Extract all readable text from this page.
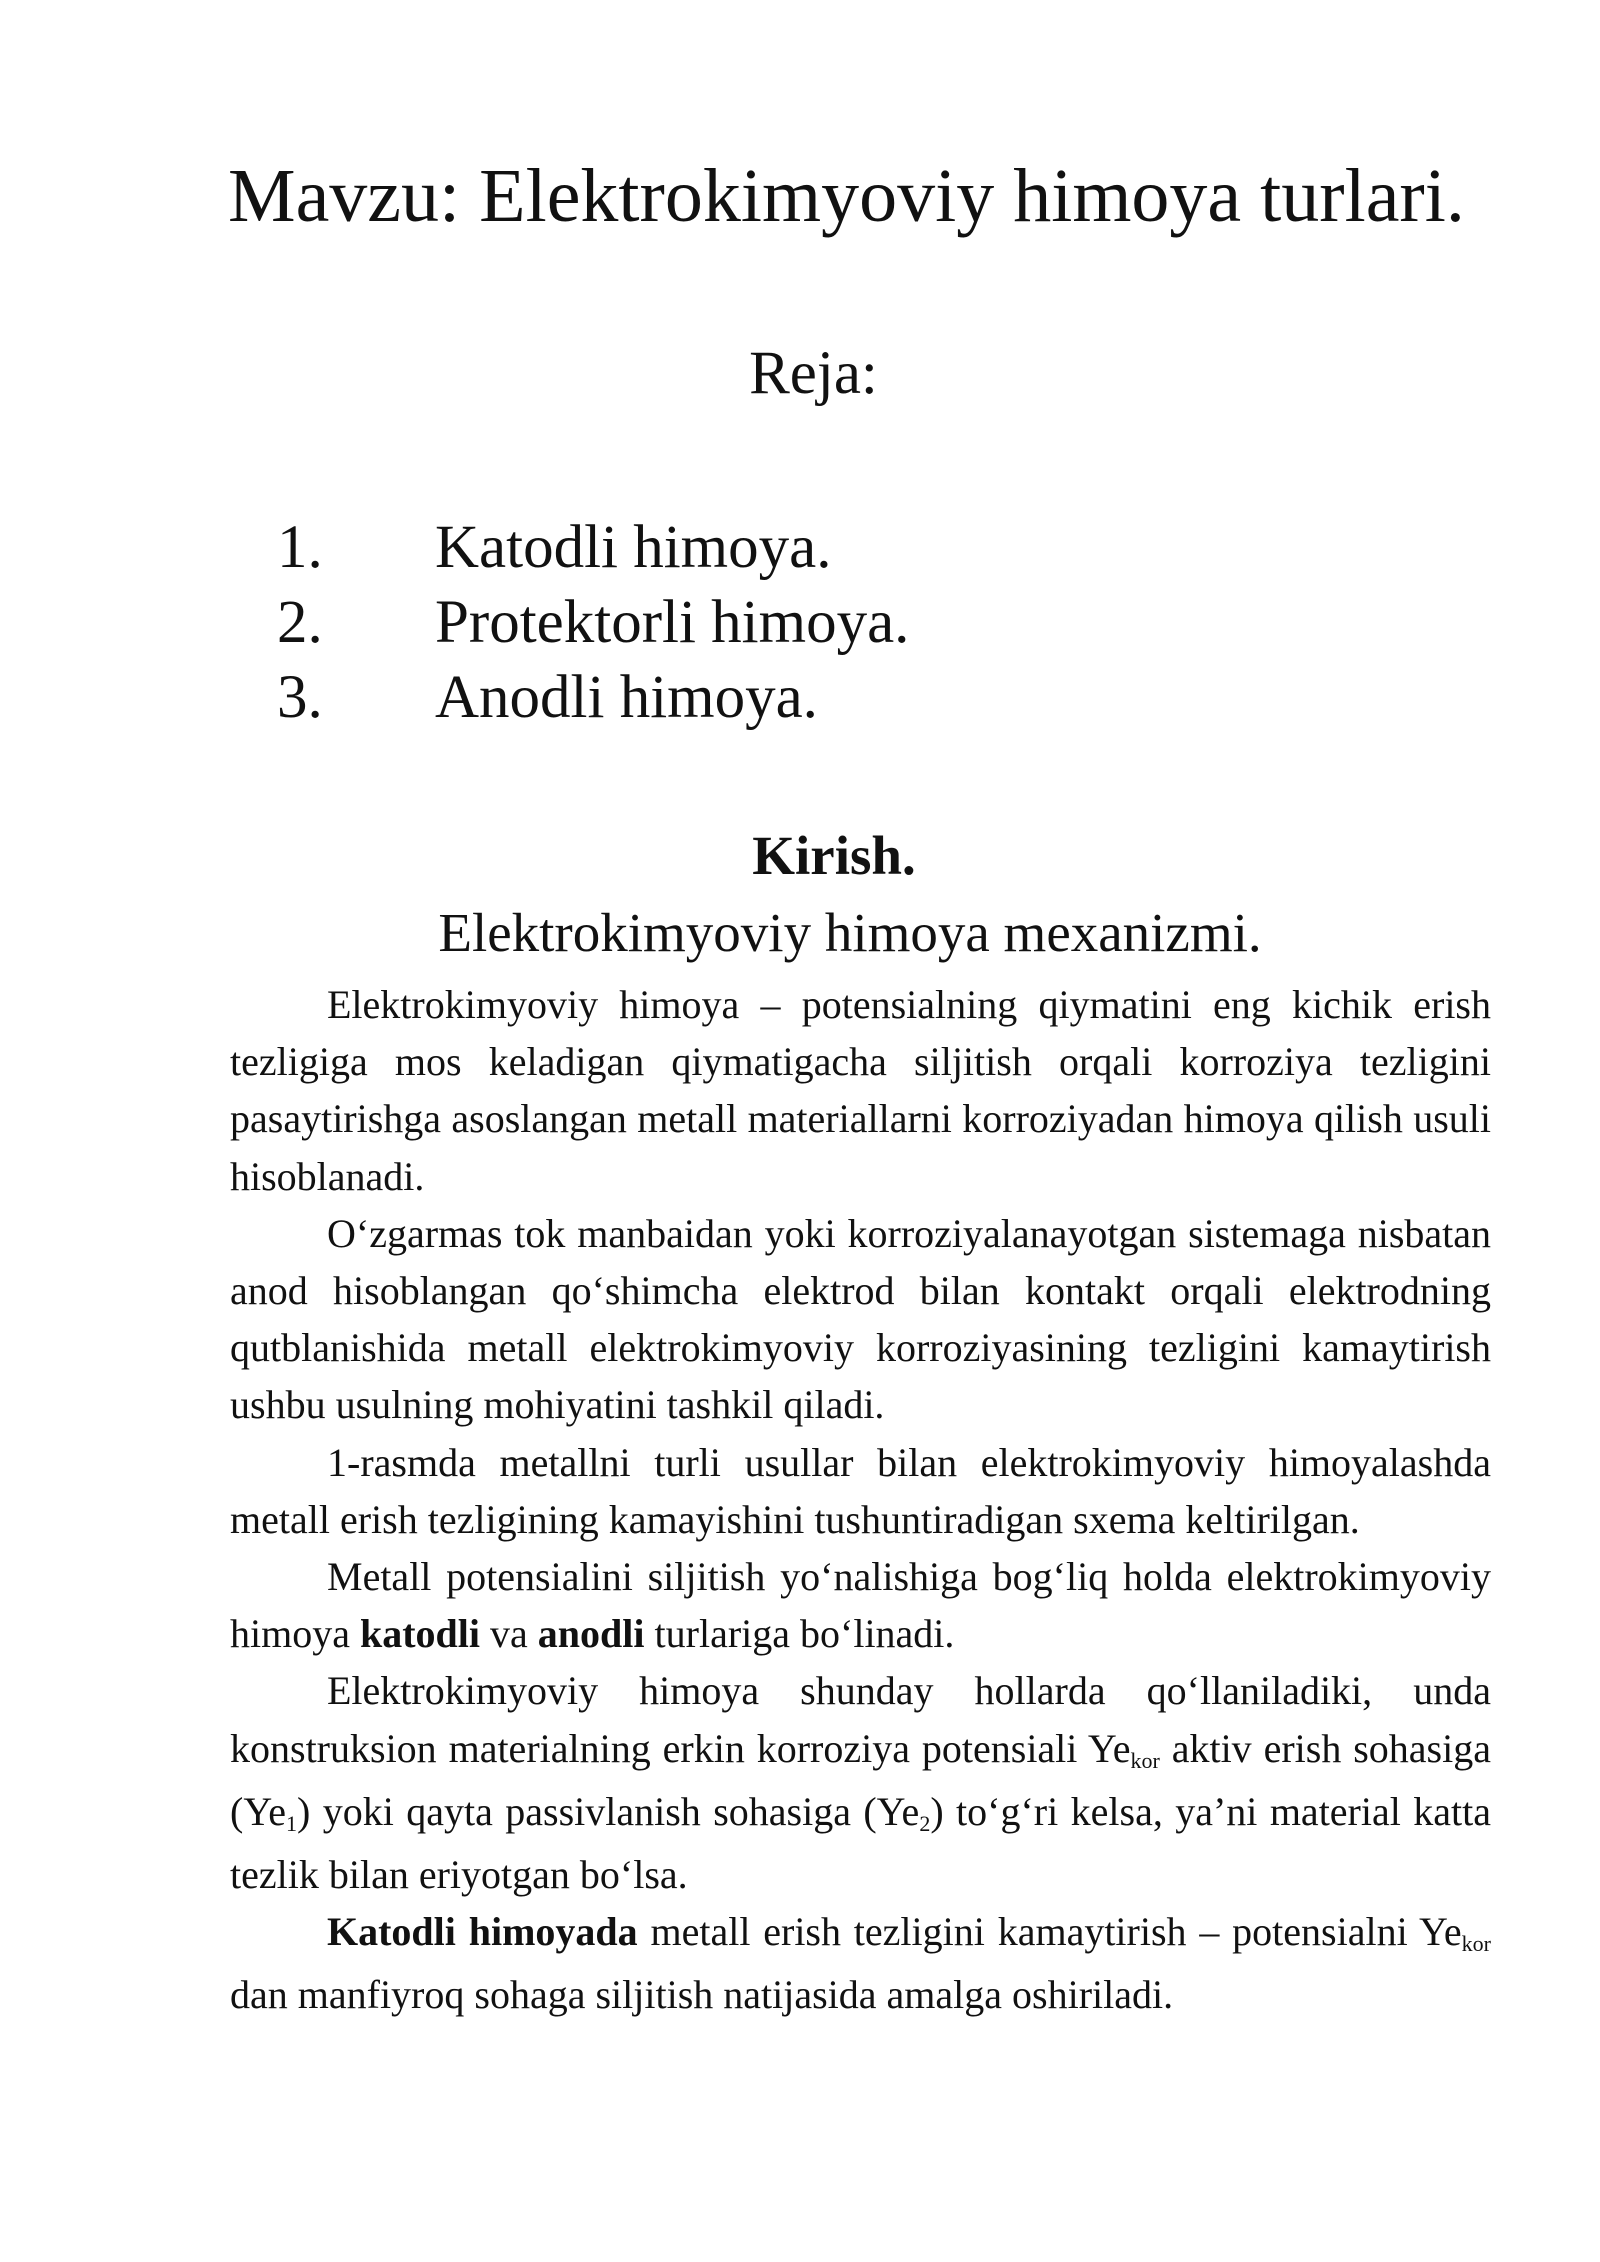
Mavzu: Elektrokimyoviy himoya turlari.
Reja:
1.	Katodli himoya.
2.	Protektorli himoya.
3.	Anodli himoya.
Kirish.
Elektrokimyoviy himoya mexanizmi.

Elektrokimyoviy himoya – potensialning qiymatini eng kichik erish tezligiga mos keladigan qiymatigacha siljitish orqali korroziya tezligini pasaytirishga asoslangan metall materiallarni korroziyadan himoya qilish usuli hisoblanadi.

O‘zgarmas tok manbaidan yoki korroziyalanayotgan sistemaga nisbatan anod hisoblangan qo‘shimcha elektrod bilan kontakt orqali elektrodning qutblanishida metall elektrokimyoviy korroziyasining tezligini kamaytirish ushbu usulning mohiyatini tashkil qiladi.

1-rasmda metallni turli usullar bilan elektrokimyoviy himoyalashda metall erish tezligining kamayishini tushuntiradigan sxema keltirilgan.

Metall potensialini siljitish yo‘nalishiga bog‘liq holda elektrokimyoviy himoya katodli va anodli turlariga bo‘linadi.

Elektrokimyoviy himoya shunday hollarda qo‘llaniladiki, unda konstruksion materialning erkin korroziya potensiali $Ye_{kor}$ aktiv erish sohasiga $(Ye_1)$ yoki qayta passivlanish sohasiga $(Ye_2)$ to‘g‘ri kelsa, ya’ni material katta tezlik bilan eriyotgan bo‘lsa.

Katodli himoyada metall erish tezligini kamaytirish – potensialni $Ye_{kor}$ dan manfiyroq sohaga siljitish natijasida amalga oshiriladi.
